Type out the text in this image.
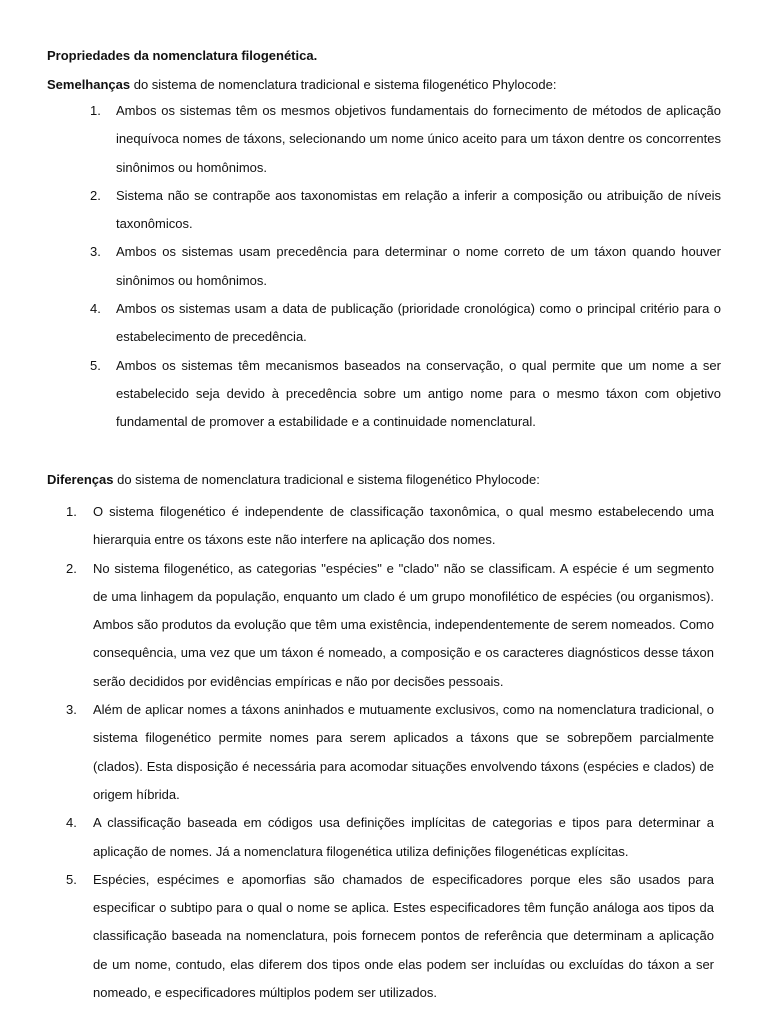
Propriedades da nomenclatura filogenética.
Semelhanças do sistema de nomenclatura tradicional e sistema filogenético Phylocode:
1.	Ambos os sistemas têm os mesmos objetivos fundamentais do fornecimento de métodos de aplicação inequívoca nomes de táxons, selecionando um nome único aceito para um táxon dentre os concorrentes sinônimos ou homônimos.
2.	Sistema não se contrapõe aos taxonomistas em relação a inferir a composição ou atribuição de níveis taxonômicos.
3.	Ambos os sistemas usam precedência para determinar o nome correto de um táxon quando houver sinônimos ou homônimos.
4.	Ambos os sistemas usam a data de publicação (prioridade cronológica) como o principal critério para o estabelecimento de precedência.
5.	Ambos os sistemas têm mecanismos baseados na conservação, o qual permite que um nome a ser estabelecido seja devido à precedência sobre um antigo nome para o mesmo táxon com objetivo fundamental de promover a estabilidade e a continuidade nomenclatural.
Diferenças do sistema de nomenclatura tradicional e sistema filogenético Phylocode:
1.	O sistema filogenético é independente de classificação taxonômica, o qual mesmo estabelecendo uma hierarquia entre os táxons este não interfere na aplicação dos nomes.
2.	No sistema filogenético, as categorias "espécies" e "clado" não se classificam. A espécie é um segmento de uma linhagem da população, enquanto um clado é um grupo monofilético de espécies (ou organismos). Ambos são produtos da evolução que têm uma existência, independentemente de serem nomeados. Como consequência, uma vez que um táxon é nomeado, a composição e os caracteres diagnósticos desse táxon serão decididos por evidências empíricas e não por decisões pessoais.
3.	Além de aplicar nomes a táxons aninhados e mutuamente exclusivos, como na nomenclatura tradicional, o sistema filogenético permite nomes para serem aplicados a táxons que se sobrepõem parcialmente (clados). Esta disposição é necessária para acomodar situações envolvendo táxons (espécies e clados) de origem híbrida.
4.	A classificação baseada em códigos usa definições implícitas de categorias e tipos para determinar a aplicação de nomes. Já a nomenclatura filogenética utiliza definições filogenéticas explícitas.
5.	Espécies, espécimes e apomorfias são chamados de especificadores porque eles são usados para especificar o subtipo para o qual o nome se aplica. Estes especificadores têm função análoga aos tipos da classificação baseada na nomenclatura, pois fornecem pontos de referência que determinam a aplicação de um nome, contudo, elas diferem dos tipos onde elas podem ser incluídas ou excluídas do táxon a ser nomeado, e especificadores múltiplos podem ser utilizados.
